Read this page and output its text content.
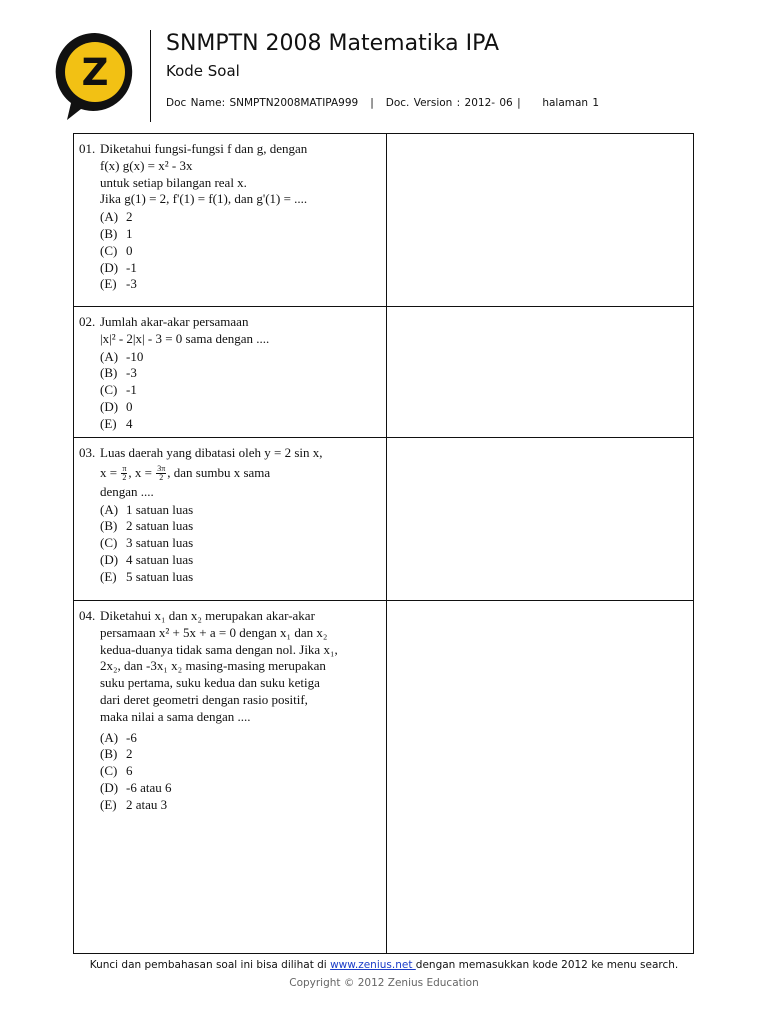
Z
SNMPTN 2008 Matematika IPA
Kode Soal
Doc Name: SNMPTN2008MATIPA999 | Doc. Version : 2012- 06 | halaman 1
01. Diketahui fungsi-fungsi f dan g, dengan
f(x) g(x) = x² - 3x
untuk setiap bilangan real x.
Jika g(1) = 2, f'(1) = f(1), dan g'(1) = ....
(A) 2
(B) 1
(C) 0
(D) -1
(E) -3
02. Jumlah akar-akar persamaan
|x|² - 2|x| - 3 = 0 sama dengan ....
(A) -10
(B) -3
(C) -1
(D) 0
(E) 4
03. Luas daerah yang dibatasi oleh y = 2 sin x,
$x = \frac{\pi}{2}$ , $x = \frac{3\pi}{2}$ , dan sumbu x sama
dengan ....
(A) 1 satuan luas
(B) 2 satuan luas
(C) 3 satuan luas
(D) 4 satuan luas
(E) 5 satuan luas
04. Diketahui x₁ dan x₂ merupakan akar-akar
persamaan x² + 5x + a = 0 dengan x₁ dan x₂
kedua-duanya tidak sama dengan nol. Jika x₁,
2x₂, dan -3x₁ x₂ masing-masing merupakan
suku pertama, suku kedua dan suku ketiga
dari deret geometri dengan rasio positif,
maka nilai a sama dengan ....
(A) -6
(B) 2
(C) 6
(D) -6 atau 6
(E) 2 atau 3
Kunci dan pembahasan soal ini bisa dilihat di www.zenius.net dengan memasukkan kode 2012 ke menu search.
Copyright © 2012 Zenius Education
